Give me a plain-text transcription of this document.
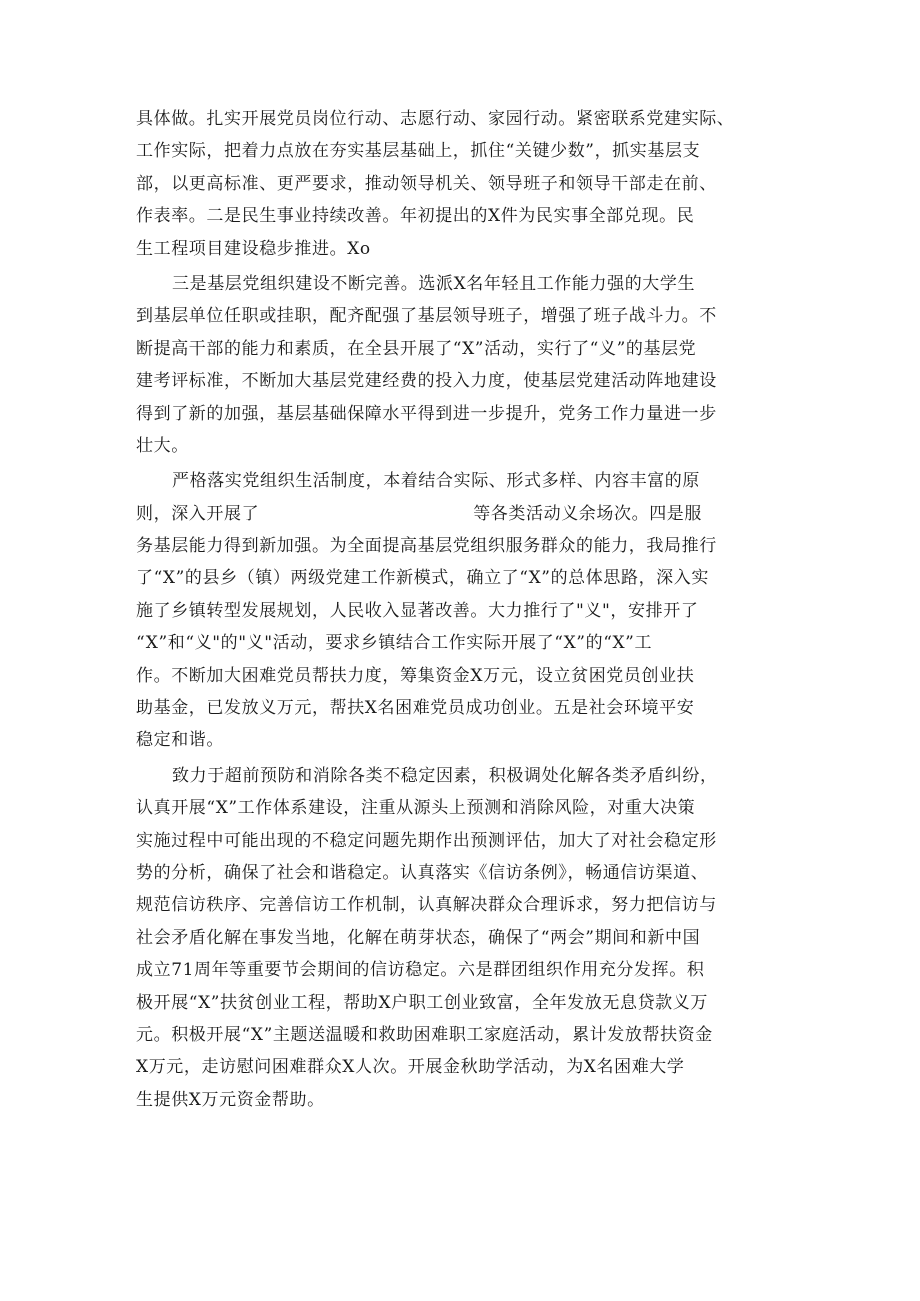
具体做。扎实开展党员岗位行动、志愿行动、家园行动。紧密联系党建实际、
工作实际，把着力点放在夯实基层基础上，抓住“关键少数”，抓实基层支
部，以更高标准、更严要求，推动领导机关、领导班子和领导干部走在前、
作表率。二是民生事业持续改善。年初提出的X件为民实事全部兑现。民
生工程项目建设稳步推进。Xo
三是基层党组织建设不断完善。选派X名年轻且工作能力强的大学生
到基层单位任职或挂职，配齐配强了基层领导班子，增强了班子战斗力。不
断提高干部的能力和素质，在全县开展了“X”活动，实行了“义”的基层党
建考评标准，不断加大基层党建经费的投入力度，使基层党建活动阵地建设
得到了新的加强，基层基础保障水平得到进一步提升，党务工作力量进一步
壮大。
严格落实党组织生活制度，本着结合实际、形式多样、内容丰富的原
则，深入开展了	等各类活动义余场次。四是服
务基层能力得到新加强。为全面提高基层党组织服务群众的能力，我局推行
了“X”的县乡（镇）两级党建工作新模式，确立了“X”的总体思路，深入实
施了乡镇转型发展规划，人民收入显著改善。大力推行了"义"，安排开了
“X”和“义"的"义"活动，要求乡镇结合工作实际开展了“X”的“X”工
作。不断加大困难党员帮扶力度，筹集资金X万元，设立贫困党员创业扶
助基金，已发放义万元，帮扶X名困难党员成功创业。五是社会环境平安
稳定和谐。
致力于超前预防和消除各类不稳定因素，积极调处化解各类矛盾纠纷，
认真开展“X”工作体系建设，注重从源头上预测和消除风险，对重大决策
实施过程中可能出现的不稳定问题先期作出预测评估，加大了对社会稳定形
势的分析，确保了社会和谐稳定。认真落实《信访条例》，畅通信访渠道、
规范信访秩序、完善信访工作机制，认真解决群众合理诉求，努力把信访与
社会矛盾化解在事发当地，化解在萌芽状态，确保了“两会”期间和新中国
成立71周年等重要节会期间的信访稳定。六是群团组织作用充分发挥。积
极开展“X”扶贫创业工程，帮助X户职工创业致富，全年发放无息贷款义万
元。积极开展“X”主题送温暖和救助困难职工家庭活动，累计发放帮扶资金
X万元，走访慰问困难群众X人次。开展金秋助学活动，为X名困难大学
生提供X万元资金帮助。
